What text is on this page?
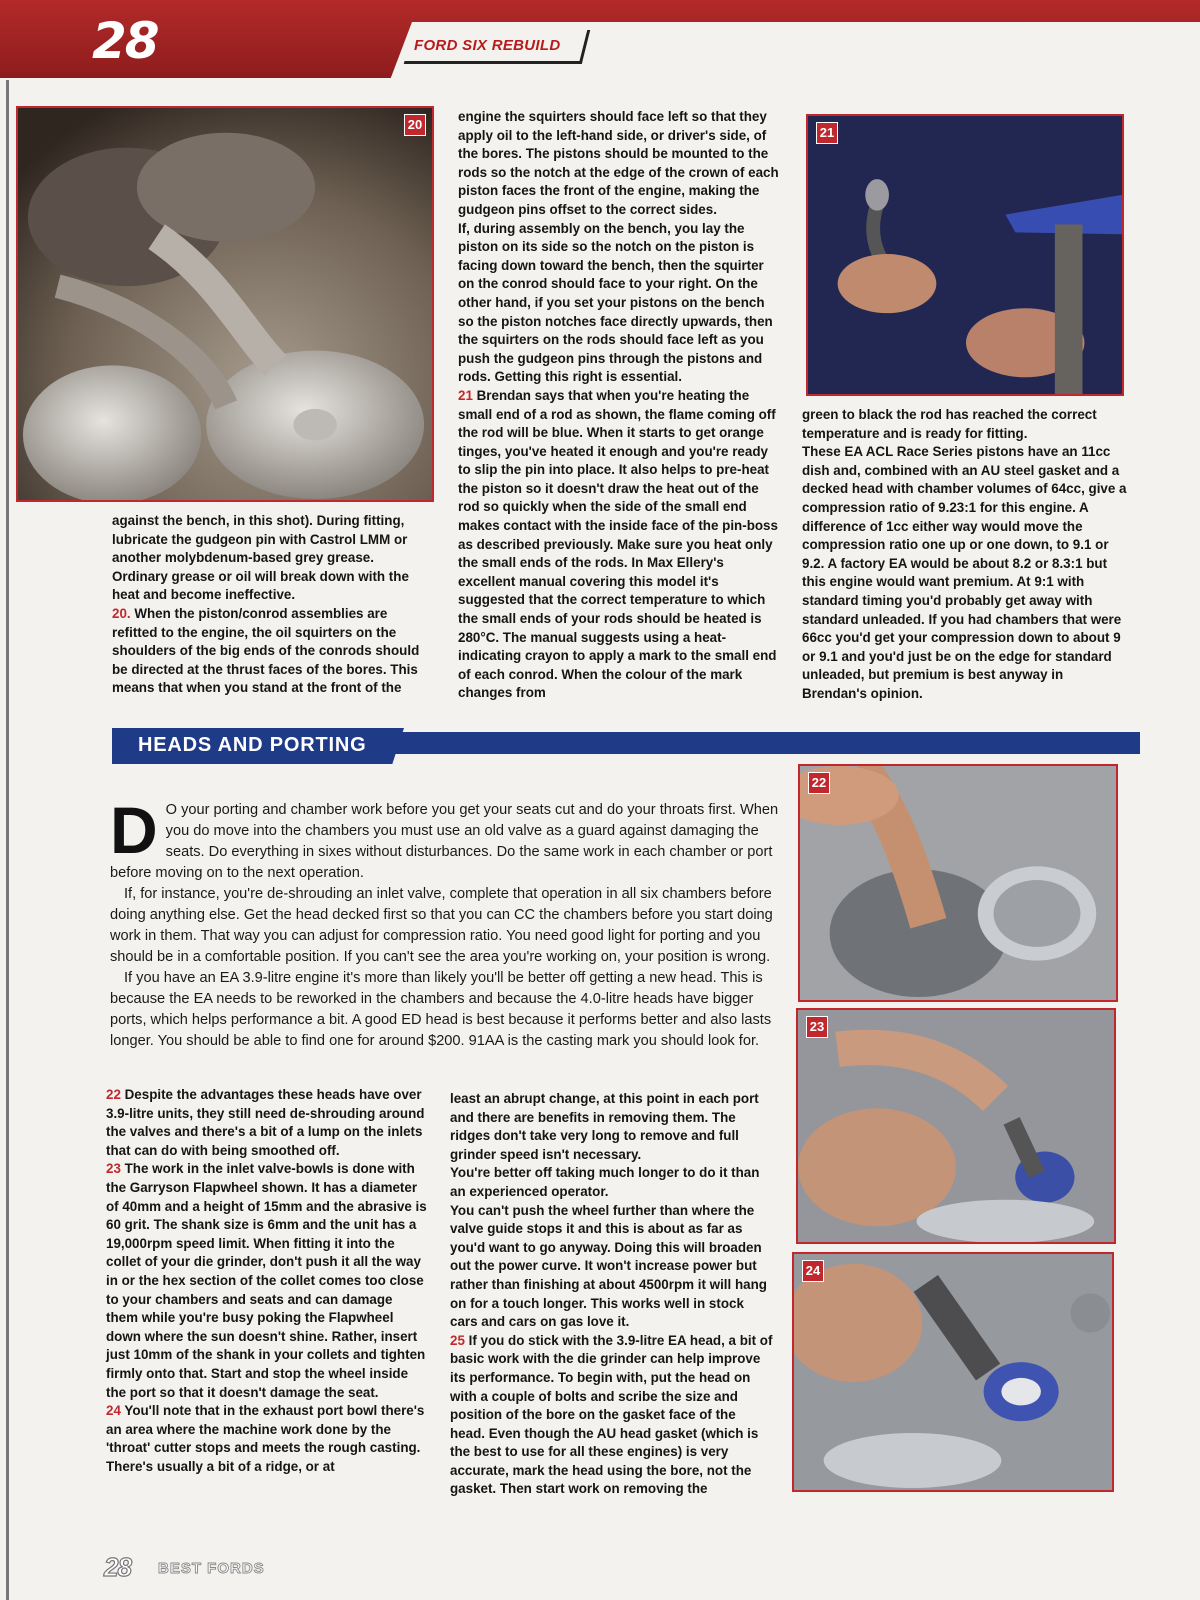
28	FORD SIX REBUILD
20
21
22
23
24

against the bench, in this shot). During fitting, lubricate the gudgeon pin with Castrol LMM or another molybdenum-based grey grease. Ordinary grease or oil will break down with the heat and become ineffective.

20. When the piston/conrod assemblies are refitted to the engine, the oil squirters on the shoulders of the big ends of the conrods should be directed at the thrust faces of the bores. This means that when you stand at the front of the

engine the squirters should face left so that they apply oil to the left-hand side, or driver's side, of the bores. The pistons should be mounted to the rods so the notch at the edge of the crown of each piston faces the front of the engine, making the gudgeon pins offset to the correct sides.

If, during assembly on the bench, you lay the piston on its side so the notch on the piston is facing down toward the bench, then the squirter on the conrod should face to your right. On the other hand, if you set your pistons on the bench so the piston notches face directly upwards, then the squirters on the rods should face left as you push the gudgeon pins through the pistons and rods. Getting this right is essential.

21 Brendan says that when you're heating the small end of a rod as shown, the flame coming off the rod will be blue. When it starts to get orange tinges, you've heated it enough and you're ready to slip the pin into place. It also helps to pre-heat the piston so it doesn't draw the heat out of the rod so quickly when the side of the small end makes contact with the inside face of the pin-boss as described previously. Make sure you heat only the small ends of the rods. In Max Ellery's excellent manual covering this model it's suggested that the correct temperature to which the small ends of your rods should be heated is 280°C. The manual suggests using a heat-indicating crayon to apply a mark to the small end of each conrod. When the colour of the mark changes from

green to black the rod has reached the correct temperature and is ready for fitting.

These EA ACL Race Series pistons have an 11cc dish and, combined with an AU steel gasket and a decked head with chamber volumes of 64cc, give a compression ratio of 9.23:1 for this engine. A difference of 1cc either way would move the compression ratio one up or one down, to 9.1 or 9.2. A factory EA would be about 8.2 or 8.3:1 but this engine would want premium. At 9:1 with standard timing you'd probably get away with standard unleaded. If you had chambers that were 66cc you'd get your compression down to about 9 or 9.1 and you'd just be on the edge for standard unleaded, but premium is best anyway in Brendan's opinion.

HEADS AND PORTING

D O your porting and chamber work before you get your seats cut and do your throats first. When you do move into the chambers you must use an old valve as a guard against damaging the seats. Do everything in sixes without disturbances. Do the same work in each chamber or port before moving on to the next operation.

If, for instance, you're de-shrouding an inlet valve, complete that operation in all six chambers before doing anything else. Get the head decked first so that you can CC the chambers before you start doing work in them. That way you can adjust for compression ratio. You need good light for porting and you should be in a comfortable position. If you can't see the area you're working on, your position is wrong.

If you have an EA 3.9-litre engine it's more than likely you'll be better off getting a new head. This is because the EA needs to be reworked in the chambers and because the 4.0-litre heads have bigger ports, which helps performance a bit. A good ED head is best because it performs better and also lasts longer. You should be able to find one for around $200. 91AA is the casting mark you should look for.

22 Despite the advantages these heads have over 3.9-litre units, they still need de-shrouding around the valves and there's a bit of a lump on the inlets that can do with being smoothed off.

23 The work in the inlet valve-bowls is done with the Garryson Flapwheel shown. It has a diameter of 40mm and a height of 15mm and the abrasive is 60 grit. The shank size is 6mm and the unit has a 19,000rpm speed limit. When fitting it into the collet of your die grinder, don't push it all the way in or the hex section of the collet comes too close to your chambers and seats and can damage them while you're busy poking the Flapwheel down where the sun doesn't shine. Rather, insert just 10mm of the shank in your collets and tighten firmly onto that. Start and stop the wheel inside the port so that it doesn't damage the seat.

24 You'll note that in the exhaust port bowl there's an area where the machine work done by the 'throat' cutter stops and meets the rough casting. There's usually a bit of a ridge, or at

least an abrupt change, at this point in each port and there are benefits in removing them. The ridges don't take very long to remove and full grinder speed isn't necessary.

You're better off taking much longer to do it than an experienced operator.

You can't push the wheel further than where the valve guide stops it and this is about as far as you'd want to go anyway. Doing this will broaden out the power curve. It won't increase power but rather than finishing at about 4500rpm it will hang on for a touch longer. This works well in stock cars and cars on gas love it.

25 If you do stick with the 3.9-litre EA head, a bit of basic work with the die grinder can help improve its performance. To begin with, put the head on with a couple of bolts and scribe the size and position of the bore on the gasket face of the head. Even though the AU head gasket (which is the best to use for all these engines) is very accurate, mark the head using the bore, not the gasket. Then start work on removing the

28 BEST FORDS
